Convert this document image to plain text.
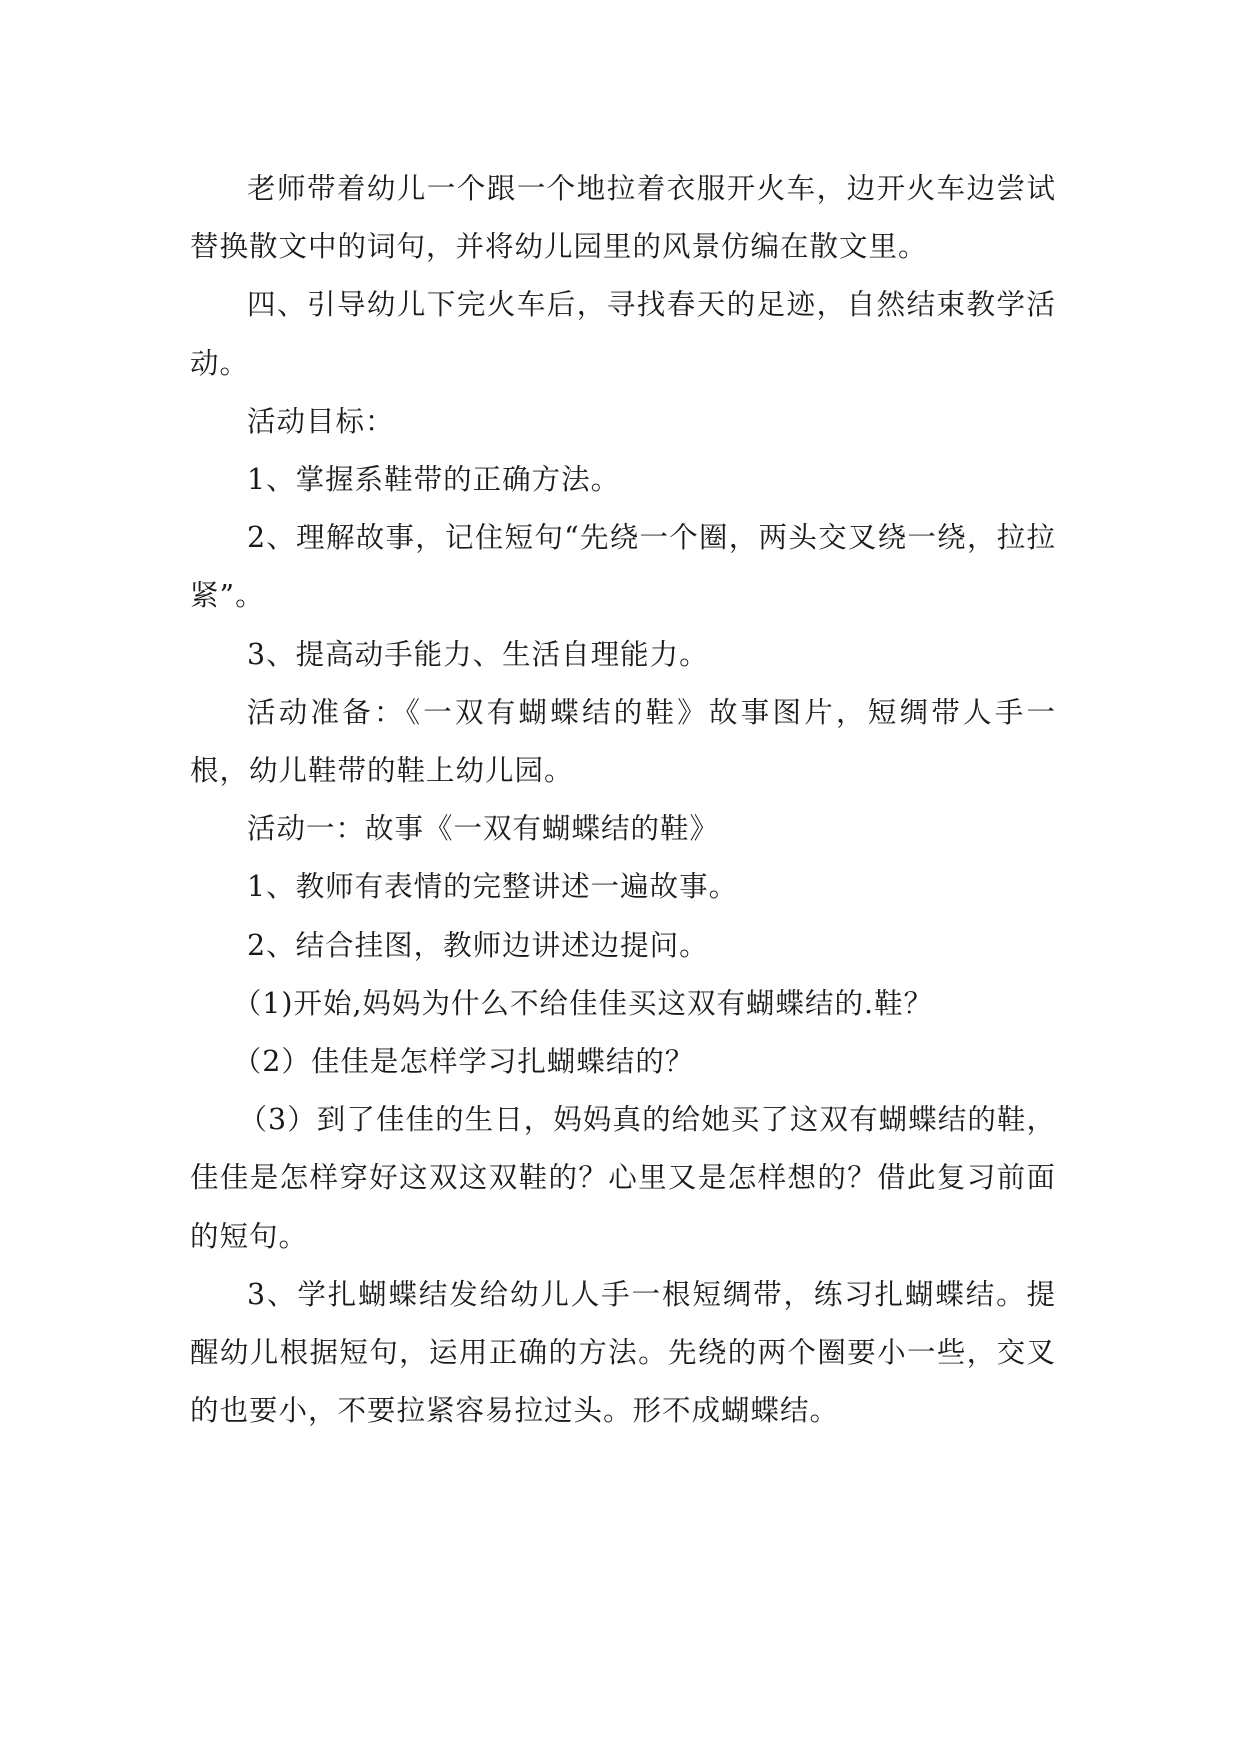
老师带着幼儿一个跟一个地拉着衣服开火车，边开火车边尝试替换散文中的词句，并将幼儿园里的风景仿编在散文里。

四、引导幼儿下完火车后，寻找春天的足迹，自然结束教学活动。

活动目标：

1、掌握系鞋带的正确方法。

2、理解故事，记住短句“先绕一个圈，两头交叉绕一绕，拉拉紧”。

3、提高动手能力、生活自理能力。

活动准备：《一双有蝴蝶结的鞋》故事图片，短绸带人手一根，幼儿鞋带的鞋上幼儿园。

活动一：故事《一双有蝴蝶结的鞋》

1、教师有表情的完整讲述一遍故事。

2、结合挂图，教师边讲述边提问。

（1)开始,妈妈为什么不给佳佳买这双有蝴蝶结的.鞋？

（2）佳佳是怎样学习扎蝴蝶结的？

（3）到了佳佳的生日，妈妈真的给她买了这双有蝴蝶结的鞋，佳佳是怎样穿好这双这双鞋的？心里又是怎样想的？借此复习前面的短句。

3、学扎蝴蝶结发给幼儿人手一根短绸带，练习扎蝴蝶结。提醒幼儿根据短句，运用正确的方法。先绕的两个圈要小一些，交叉的也要小，不要拉紧容易拉过头。形不成蝴蝶结。
